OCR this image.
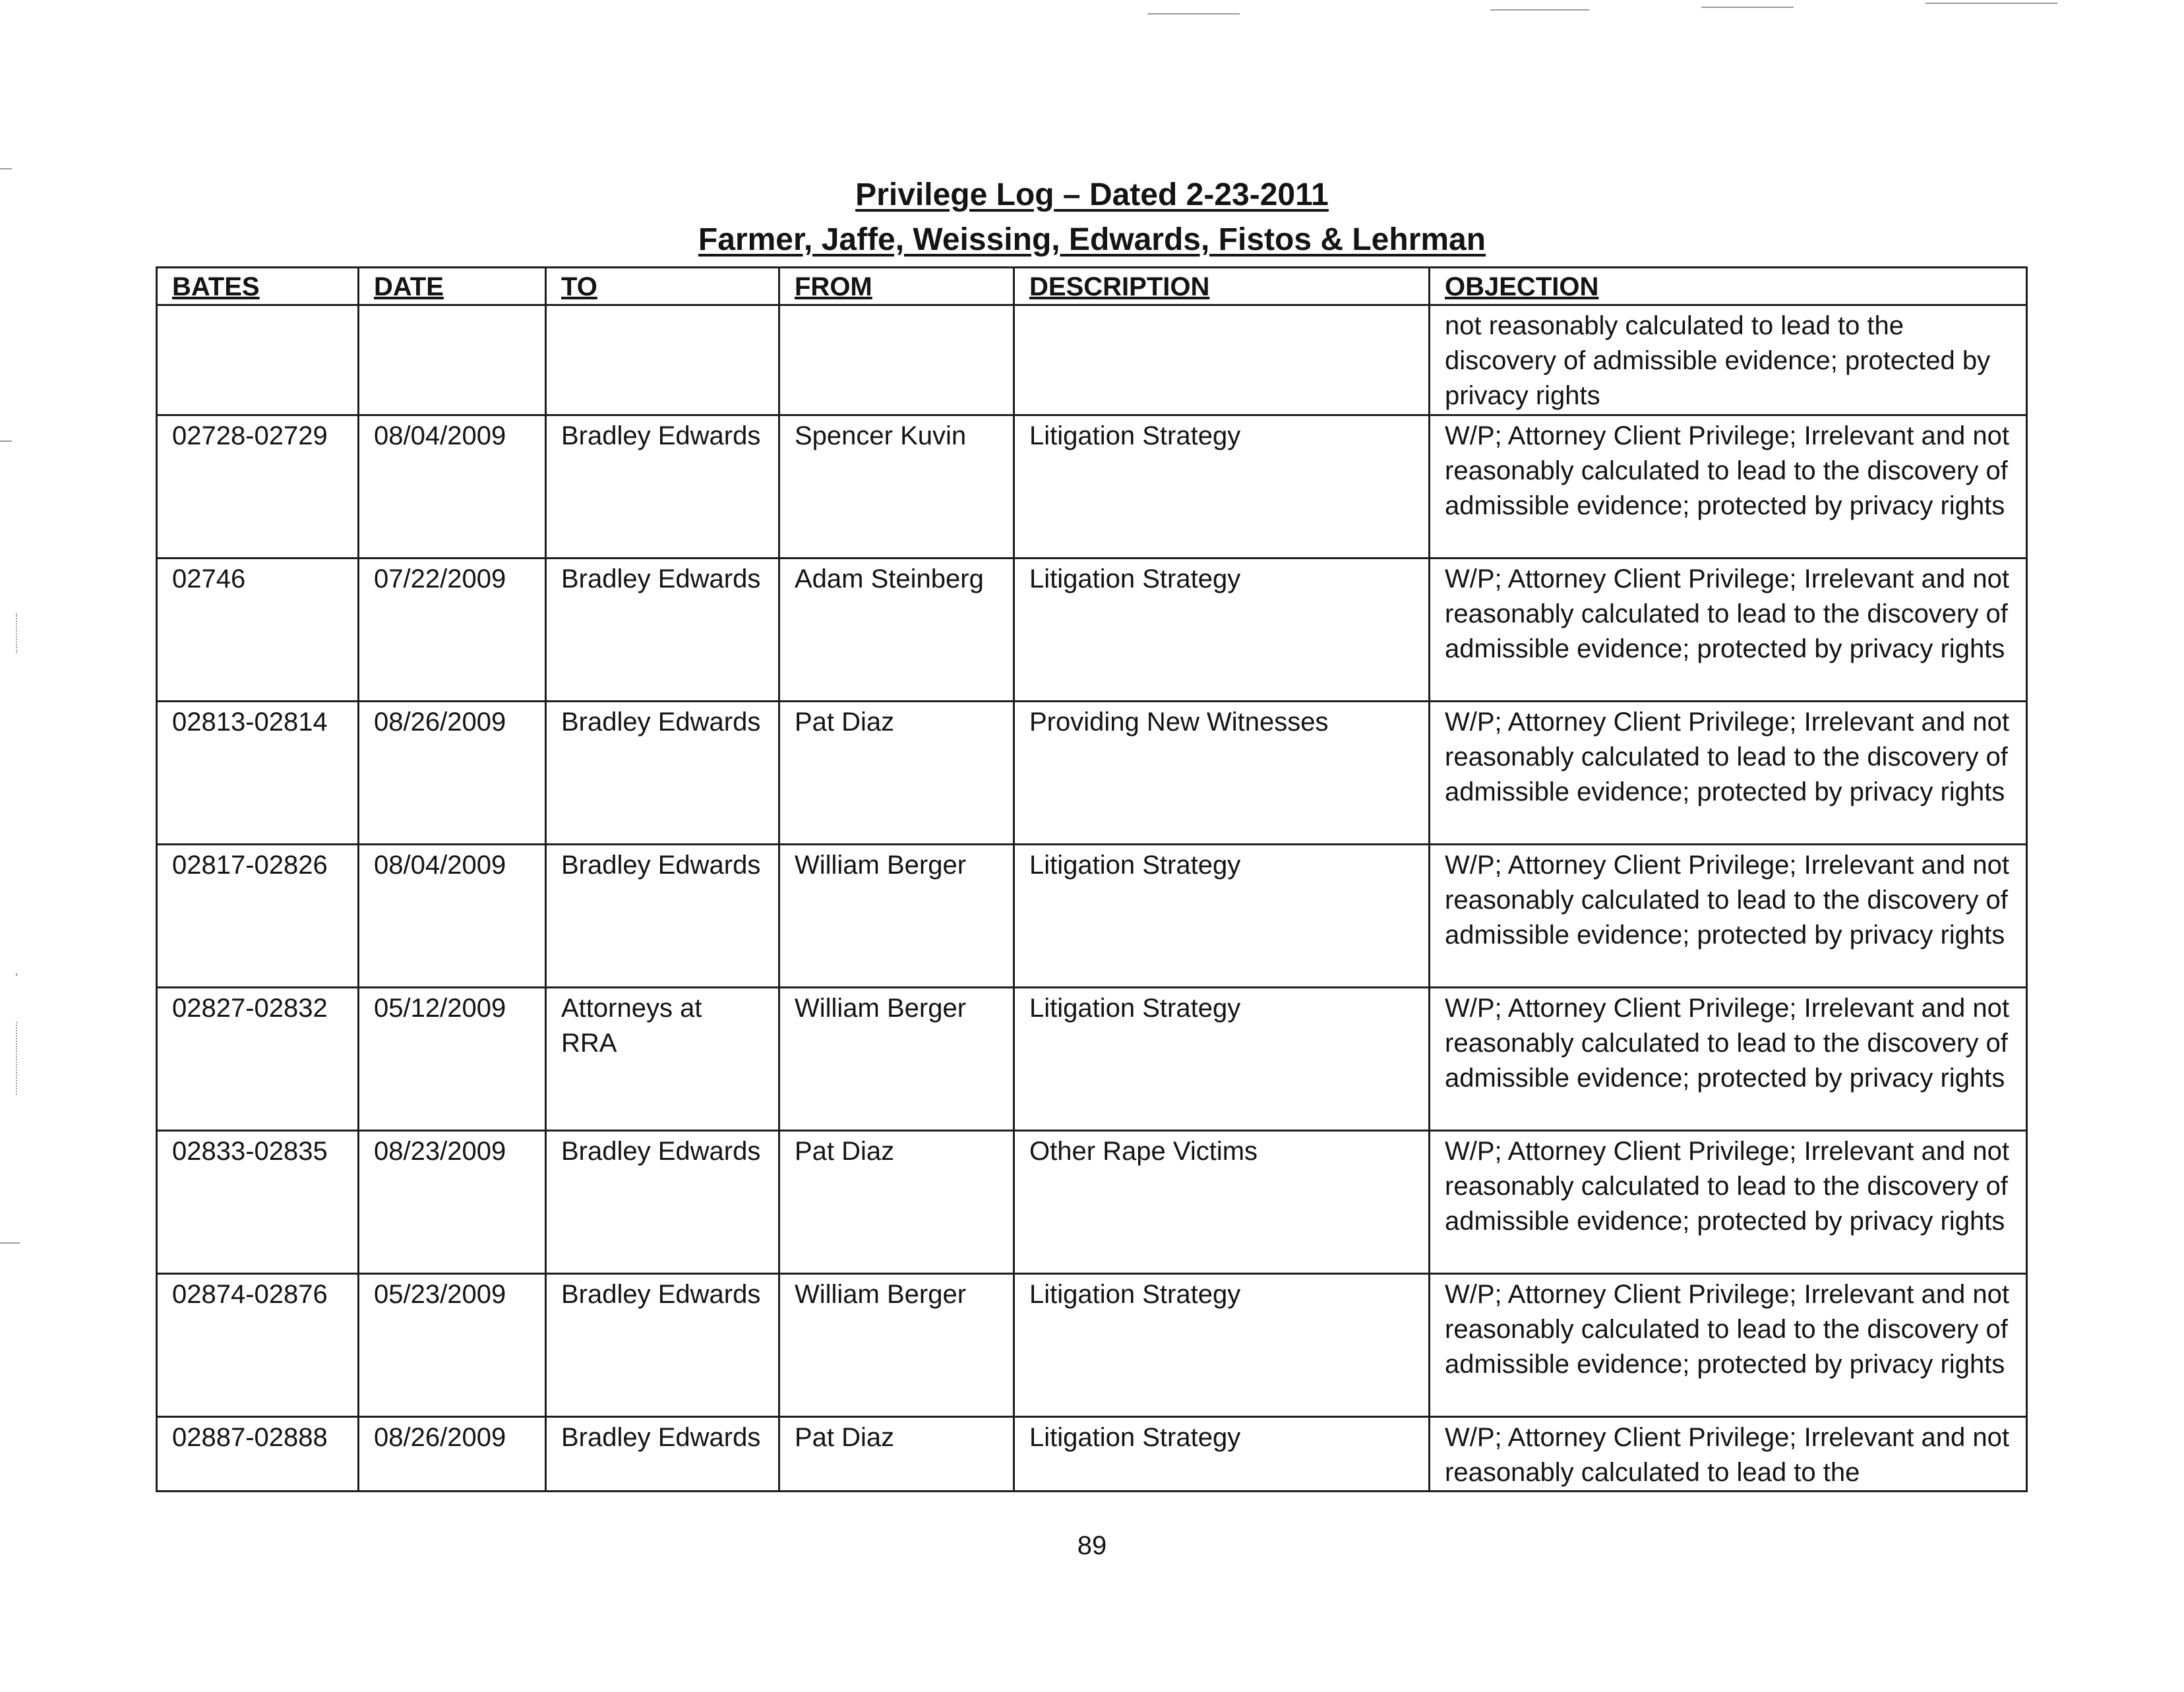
Privilege Log – Dated 2-23-2011
Farmer, Jaffe, Weissing, Edwards, Fistos & Lehrman
BATES	DATE	TO	FROM	DESCRIPTION	OBJECTION
					not reasonably calculated to lead to the discovery of admissible evidence; protected by privacy rights
02728-02729	08/04/2009	Bradley Edwards	Spencer Kuvin	Litigation Strategy	W/P; Attorney Client Privilege; Irrelevant and not reasonably calculated to lead to the discovery of admissible evidence; protected by privacy rights
02746	07/22/2009	Bradley Edwards	Adam Steinberg	Litigation Strategy	W/P; Attorney Client Privilege; Irrelevant and not reasonably calculated to lead to the discovery of admissible evidence; protected by privacy rights
02813-02814	08/26/2009	Bradley Edwards	Pat Diaz	Providing New Witnesses	W/P; Attorney Client Privilege; Irrelevant and not reasonably calculated to lead to the discovery of admissible evidence; protected by privacy rights
02817-02826	08/04/2009	Bradley Edwards	William Berger	Litigation Strategy	W/P; Attorney Client Privilege; Irrelevant and not reasonably calculated to lead to the discovery of admissible evidence; protected by privacy rights
02827-02832	05/12/2009	Attorneys at RRA	William Berger	Litigation Strategy	W/P; Attorney Client Privilege; Irrelevant and not reasonably calculated to lead to the discovery of admissible evidence; protected by privacy rights
02833-02835	08/23/2009	Bradley Edwards	Pat Diaz	Other Rape Victims	W/P; Attorney Client Privilege; Irrelevant and not reasonably calculated to lead to the discovery of admissible evidence; protected by privacy rights
02874-02876	05/23/2009	Bradley Edwards	William Berger	Litigation Strategy	W/P; Attorney Client Privilege; Irrelevant and not reasonably calculated to lead to the discovery of admissible evidence; protected by privacy rights
02887-02888	08/26/2009	Bradley Edwards	Pat Diaz	Litigation Strategy	W/P; Attorney Client Privilege; Irrelevant and not reasonably calculated to lead to the
89
